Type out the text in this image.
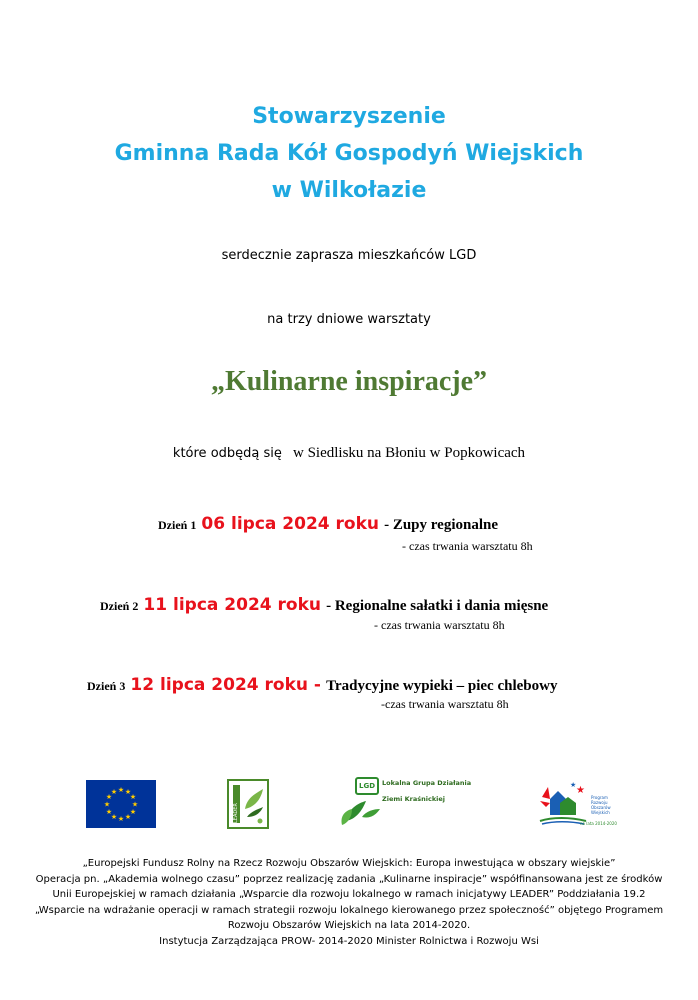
Stowarzyszenie
Gminna Rada Kół Gospodyń Wiejskich
w Wilkołazie
serdecznie zaprasza mieszkańców LGD
na trzy dniowe warsztaty
„Kulinarne inspiracje”
które odbędą się w Siedlisku na Błoniu w Popkowicach
Dzień 1 06 lipca 2024 roku - Zupy regionalne
- czas trwania warsztatu 8h
Dzień 2 11 lipca 2024 roku - Regionalne sałatki i dania mięsne
- czas trwania warsztatu 8h
Dzień 3 12 lipca 2024 roku - Tradycyjne wypieki – piec chlebowy
-czas trwania warsztatu 8h
★ ★
★
★
★
★
★
★
★
★
★
★
LEADER
LGD	Lokalna Grupa Działania
Ziemi Kraśnickiej
★
★
Program
Rozwoju
Obszarów
Wiejskich
na lata 2014-2020
„Europejski Fundusz Rolny na Rzecz Rozwoju Obszarów Wiejskich: Europa inwestująca w obszary wiejskie”
Operacja pn. „Akademia wolnego czasu” poprzez realizację zadania „Kulinarne inspiracje” współfinansowana jest ze środków
Unii Europejskiej w ramach działania „Wsparcie dla rozwoju lokalnego w ramach inicjatywy LEADER” Poddziałania 19.2
„Wsparcie na wdrażanie operacji w ramach strategii rozwoju lokalnego kierowanego przez społeczność” objętego Programem
Rozwoju Obszarów Wiejskich na lata 2014-2020.
Instytucja Zarządzająca PROW- 2014-2020 Minister Rolnictwa i Rozwoju Wsi
